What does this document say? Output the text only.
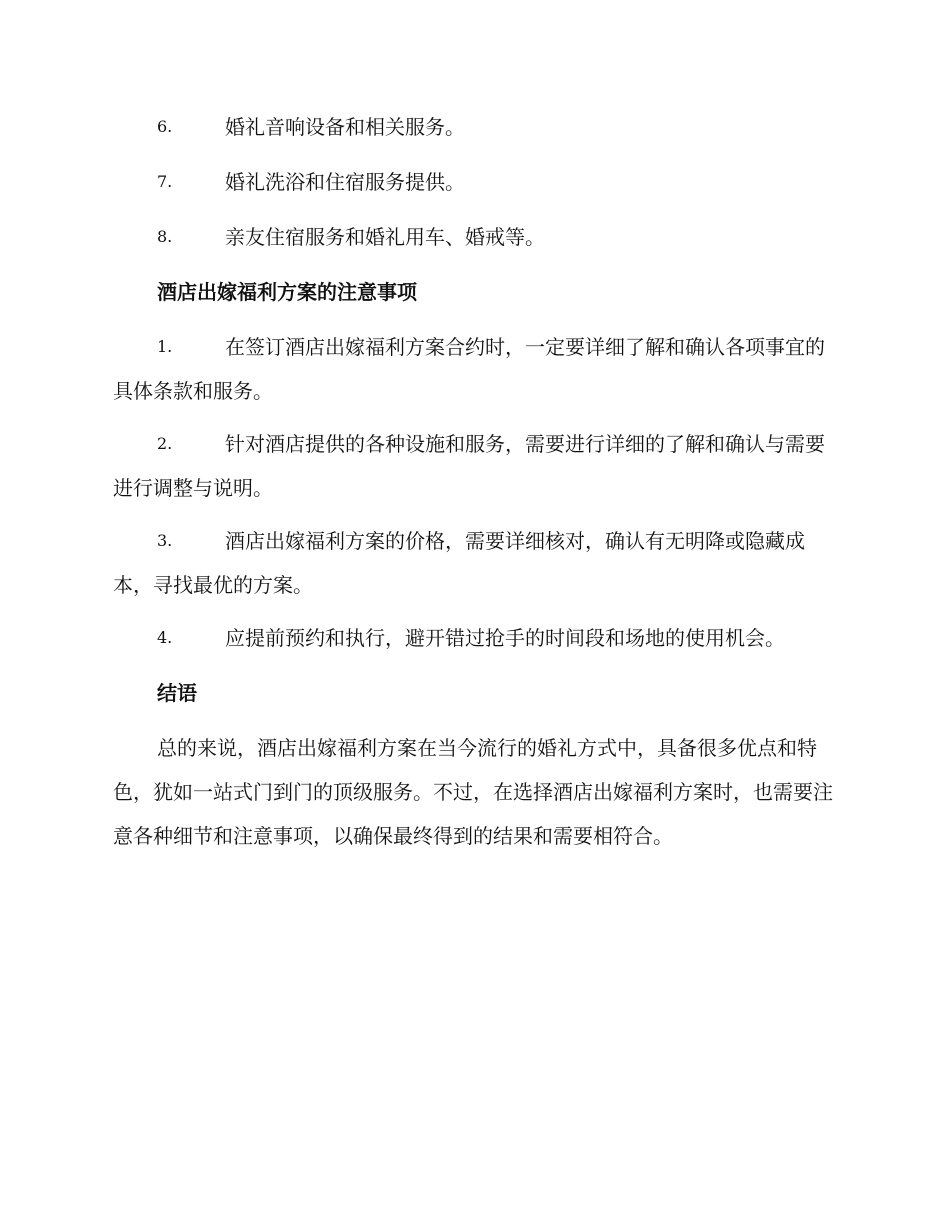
6.	婚礼音响设备和相关服务。
7.	婚礼洗浴和住宿服务提供。
8.	亲友住宿服务和婚礼用车、婚戒等。
酒店出嫁福利方案的注意事项
1.	在签订酒店出嫁福利方案合约时，一定要详细了解和确认各项事宜的具体条款和服务。
2.	针对酒店提供的各种设施和服务，需要进行详细的了解和确认与需要进行调整与说明。
3.	酒店出嫁福利方案的价格，需要详细核对，确认有无明降或隐藏成本，寻找最优的方案。
4.	应提前预约和执行，避开错过抢手的时间段和场地的使用机会。
结语
总的来说，酒店出嫁福利方案在当今流行的婚礼方式中，具备很多优点和特色，犹如一站式门到门的顶级服务。不过，在选择酒店出嫁福利方案时，也需要注意各种细节和注意事项，以确保最终得到的结果和需要相符合。
